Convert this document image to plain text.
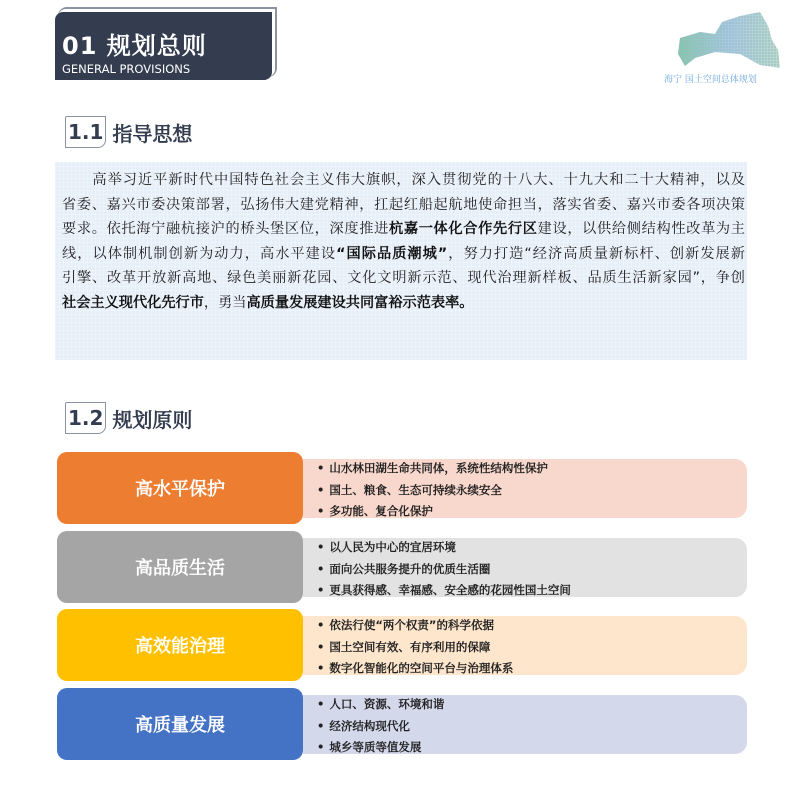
01 规划总则
GENERAL PROVISIONS
海宁 国土空间总体规划
1.1 指导思想
　　高举习近平新时代中国特色社会主义伟大旗帜，深入贯彻党的十八大、十九大和二十大精神，以及
省委、嘉兴市委决策部署，弘扬伟大建党精神，扛起红船起航地使命担当，落实省委、嘉兴市委各项决策
要求。依托海宁融杭接沪的桥头堡区位，深度推进杭嘉一体化合作先行区建设，以供给侧结构性改革为主
线，以体制机制创新为动力，高水平建设“国际品质潮城”，努力打造“经济高质量新标杆、创新发展新
引擎、改革开放新高地、绿色美丽新花园、文化文明新示范、现代治理新样板、品质生活新家园”，争创
社会主义现代化先行市，勇当高质量发展建设共同富裕示范表率。
1.2 规划原则
高水平保护
• 山水林田湖生命共同体，系统性结构性保护
• 国土、粮食、生态可持续永续安全
• 多功能、复合化保护
高品质生活
• 以人民为中心的宜居环境
• 面向公共服务提升的优质生活圈
• 更具获得感、幸福感、安全感的花园性国土空间
高效能治理
• 依法行使“两个权责”的科学依据
• 国土空间有效、有序利用的保障
• 数字化智能化的空间平台与治理体系
高质量发展
• 人口、资源、环境和谐
• 经济结构现代化
• 城乡等质等值发展
